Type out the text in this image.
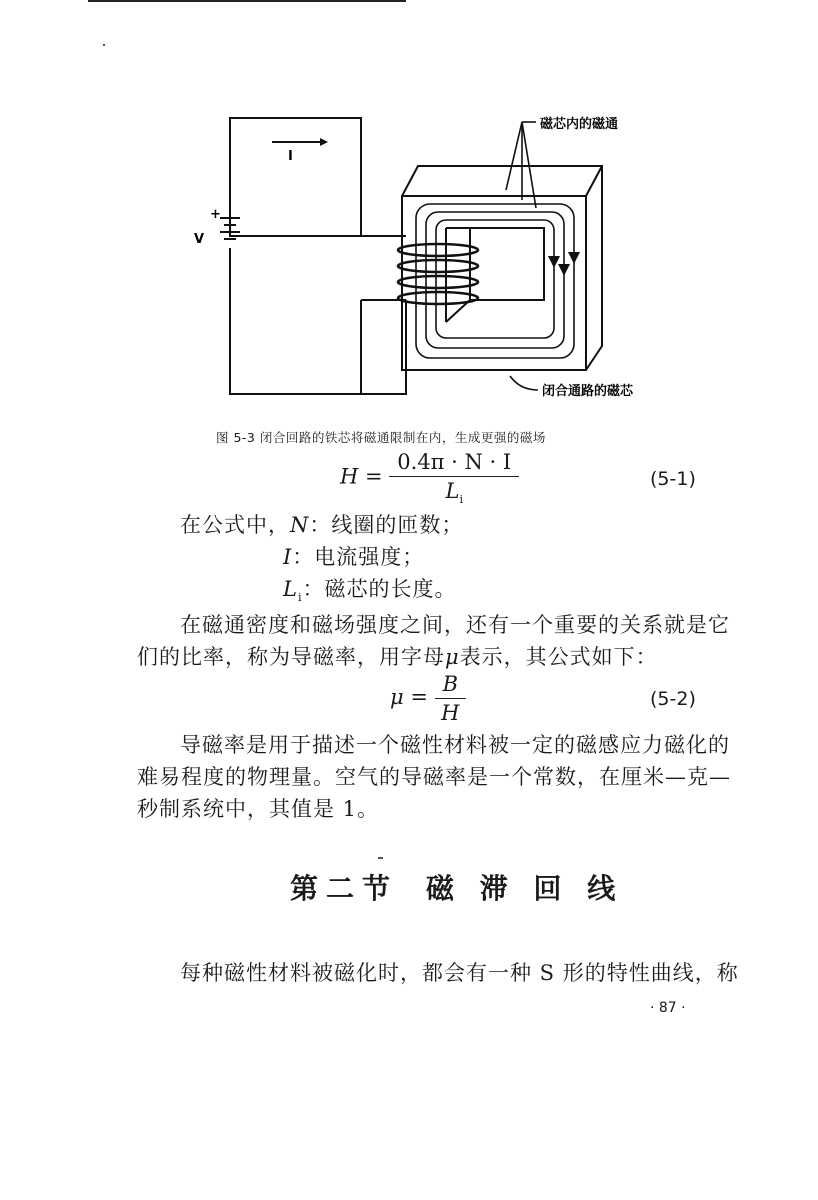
磁芯内的磁通
闭合通路的磁芯
I
V
+
图 5-3 闭合回路的铁芯将磁通限制在内，生成更强的磁场
$H = \frac{0.4\pi \cdot N \cdot I}{L_i}$	(5-1)
在公式中，N：线圈的匝数；
I：电流强度；
$L_i$：磁芯的长度。
在磁通密度和磁场强度之间，还有一个重要的关系就是它
们的比率，称为导磁率，用字母μ表示，其公式如下：
$\mu = \frac{B}{H}$	(5-2)
导磁率是用于描述一个磁性材料被一定的磁感应力磁化的
难易程度的物理量。空气的导磁率是一个常数，在厘米—克—
秒制系统中，其值是 1。
第二节 磁 滞 回 线
每种磁性材料被磁化时，都会有一种 S 形的特性曲线，称
· 87 ·
